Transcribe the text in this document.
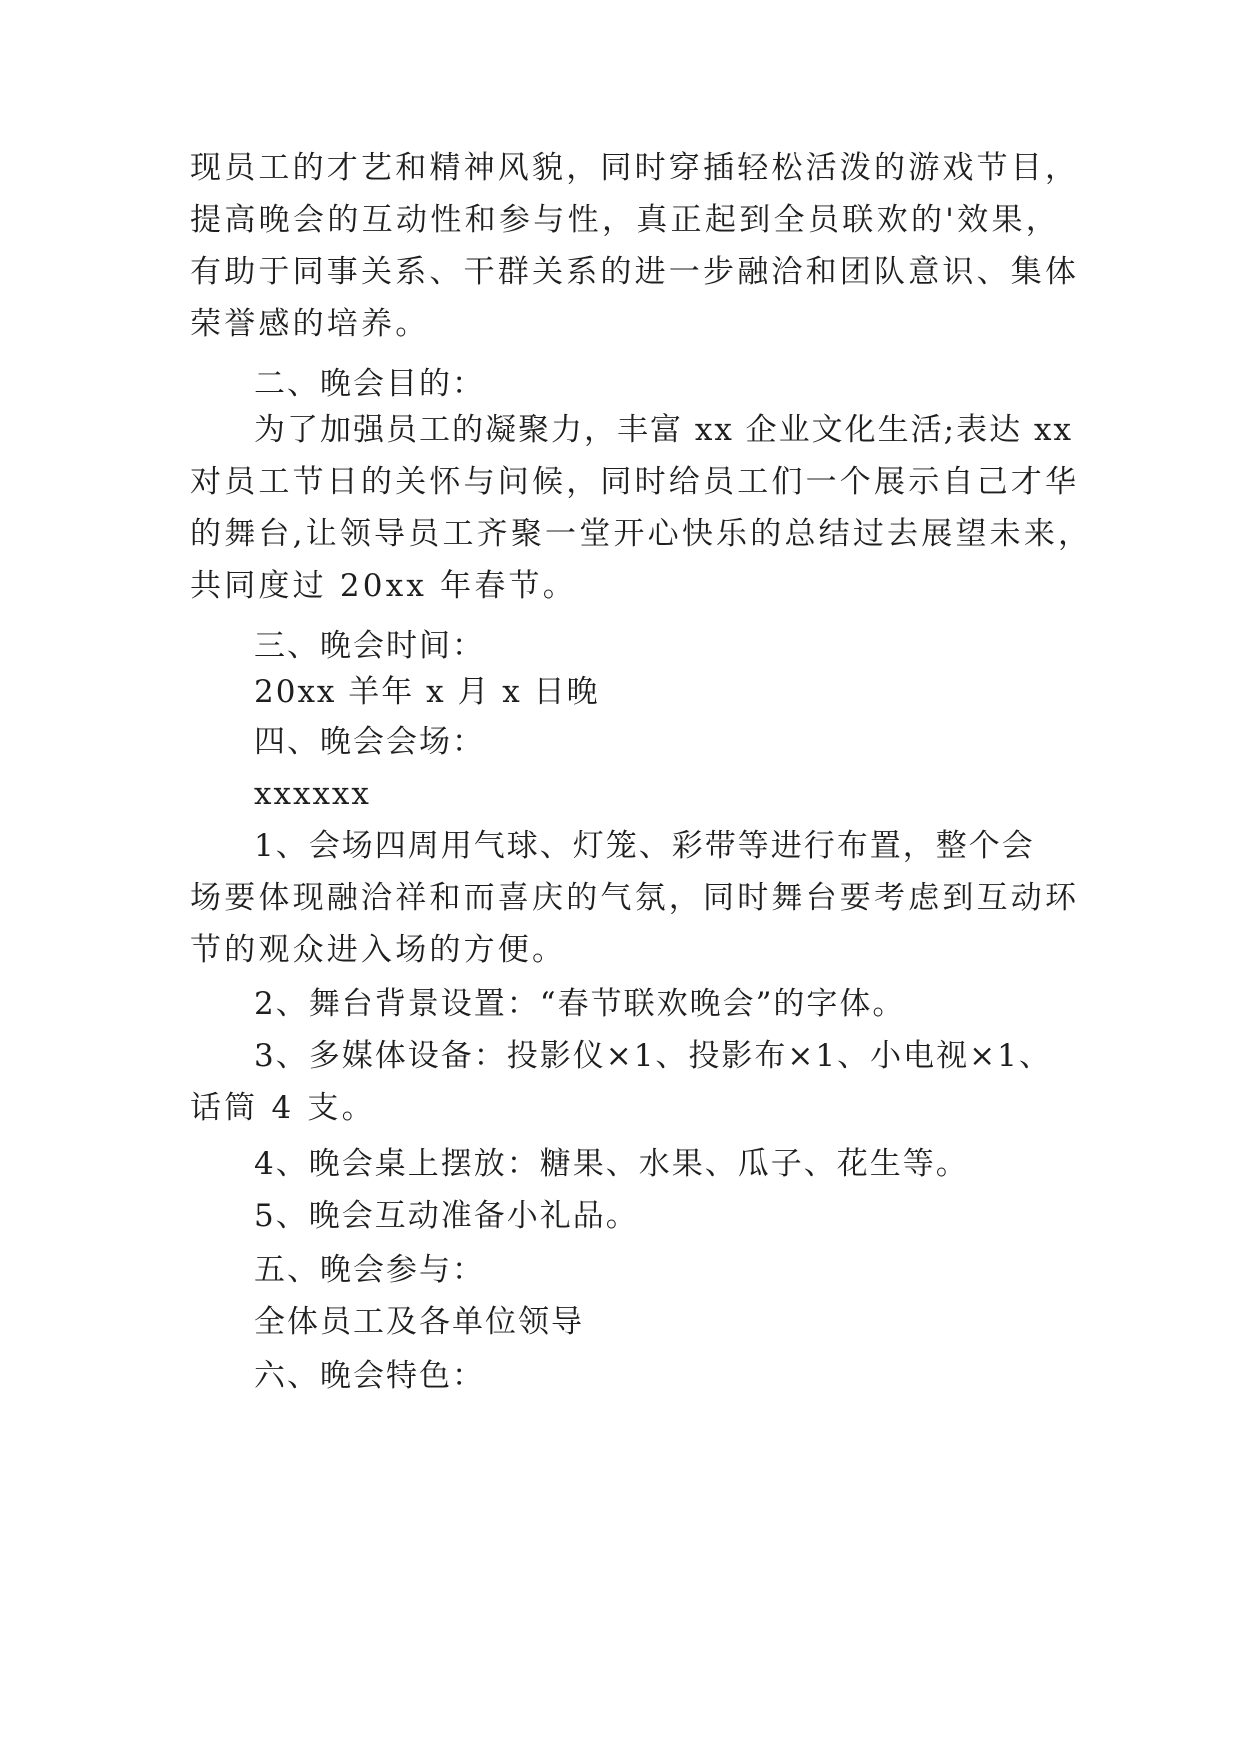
现员工的才艺和精神风貌，同时穿插轻松活泼的游戏节目，
提高晚会的互动性和参与性，真正起到全员联欢的'效果，
有助于同事关系、干群关系的进一步融洽和团队意识、集体
荣誉感的培养。
二、晚会目的：
为了加强员工的凝聚力，丰富 xx 企业文化生活;表达 xx
对员工节日的关怀与问候，同时给员工们一个展示自己才华
的舞台,让领导员工齐聚一堂开心快乐的总结过去展望未来，
共同度过 20xx 年春节。
三、晚会时间：
20xx 羊年 x 月 x 日晚
四、晚会会场：
xxxxxx
1、会场四周用气球、灯笼、彩带等进行布置，整个会
场要体现融洽祥和而喜庆的气氛，同时舞台要考虑到互动环
节的观众进入场的方便。
2、舞台背景设置：“春节联欢晚会”的字体。
3、多媒体设备：投影仪×1、投影布×1、小电视×1、
话筒 4 支。
4、晚会桌上摆放：糖果、水果、瓜子、花生等。
5、晚会互动准备小礼品。
五、晚会参与：
全体员工及各单位领导
六、晚会特色：
